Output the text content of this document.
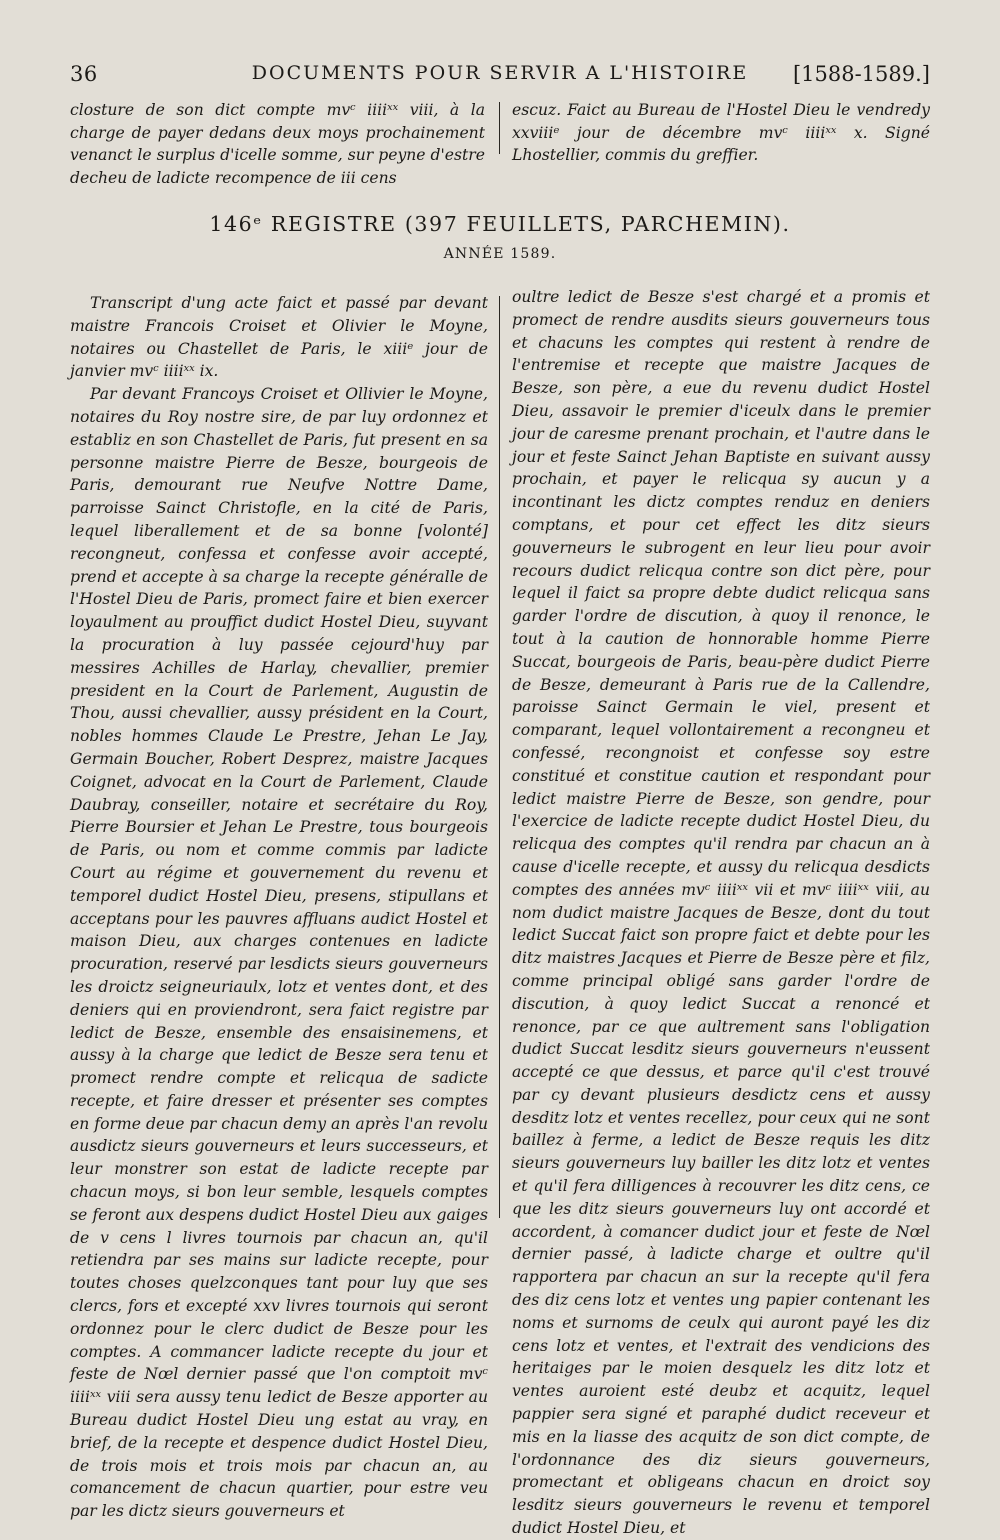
36	DOCUMENTS POUR SERVIR A L'HISTOIRE	[1588-1589.]

closture de son dict compte mvᶜ iiiiˣˣ viii, à la charge de payer dedans deux moys prochainement venanct le surplus d'icelle somme, sur peyne d'estre decheu de ladicte recompence de iii cens

escuz. Faict au Bureau de l'Hostel Dieu le vendredy xxviiiᵉ jour de décembre mvᶜ iiiiˣˣ x. Signé Lhostellier, commis du greffier.

146ᵉ REGISTRE (397 FEUILLETS, PARCHEMIN).
ANNÉE 1589.

Transcript d'ung acte faict et passé par devant maistre Francois Croiset et Olivier le Moyne, notaires ou Chastellet de Paris, le xiiiᵉ jour de janvier mvᶜ iiiiˣˣ ix.

Par devant Francoys Croiset et Ollivier le Moyne, notaires du Roy nostre sire, de par luy ordonnez et establiz en son Chastellet de Paris, fut present en sa personne maistre Pierre de Besze, bourgeois de Paris, demourant rue Neufve Nottre Dame, parroisse Sainct Christofle, en la cité de Paris, lequel liberallement et de sa bonne [volonté] recongneut, confessa et confesse avoir accepté, prend et accepte à sa charge la recepte génér​alle de l'Hostel Dieu de Paris, promect faire et bien exercer loyaulment au prouffict dudict Hostel Dieu, suyvant la procuration à luy passée cejourd'huy par messires Achilles de Harlay, chevallier, premier president en la Court de Parlement, Augustin de Thou, aussi chevallier, aussy président en la Court, nobles hommes Claude Le Prestre, Jehan Le Jay, Germain Boucher, Robert Desprez, maistre Jacques Coignet, advocat en la Court de Parlement, Claude Daubray, conseiller, notaire et secrétaire du Roy, Pierre Boursier et Jehan Le Prestre, tous bourgeois de Paris, ou nom et comme commis par ladicte Court au régime et gouvernement du revenu et temporel dudict Hostel Dieu, presens, stipullans et acceptans pour les pauvres affluans audict Hostel et maison Dieu, aux charges contenues en ladicte procuration, reservé par lesdicts sieurs gouverneurs les droictz seigneuriaulx, lotz et ventes dont, et des deniers qui en proviendront, sera faict registre par ledict de Besze, ensemble des ensaisinemens, et aussy à la charge que ledict de Besze sera tenu et promect rendre compte et relicqua de sadicte recepte, et faire dresser et présenter ses comptes en forme deue par chacun demy an après l'an revolu ausdictz sieurs gouverneurs et leurs successeurs, et leur monstrer son estat de ladicte recepte par chacun moys, si bon leur semble, lesquels comptes se feront aux despens dudict Hostel Dieu aux gaiges de v cens l livres tournois par chacun an, qu'il retiendra par ses mains sur ladicte recepte, pour toutes choses quelzconques tant pour luy que ses clercs, fors et excepté xxv livres tournois qui seront ordonnez pour le clerc dudict de Besze pour les comptes. A commancer ladicte recepte du jour et feste de Nœl dernier passé que l'on comptoit mvᶜ iiiiˣˣ viii sera aussy tenu ledict de Besze apporter au Bureau dudict Hostel Dieu ung estat au vray, en brief, de la recepte et despence dudict Hostel Dieu, de trois mois et trois mois par chacun an, au comancement de chacun quartier, pour estre veu par les dictz sieurs gouverneurs et

oultre ledict de Besze s'est chargé et a promis et promect de rendre ausdits sieurs gouverneurs tous et chacuns les comptes qui restent à rendre de l'entremise et recepte que maistre Jacques de Besze, son père, a eue du revenu dudict Hostel Dieu, assavoir le premier d'iceulx dans le premier jour de caresme prenant prochain, et l'autre dans le jour et feste Sainct Jehan Baptiste en suivant aussy prochain, et payer le relicqua sy aucun y a incontinant les dictz comptes renduz en deniers comptans, et pour cet effect les ditz sieurs gouverneurs le subrogent en leur lieu pour avoir recours dudict relicqua contre son dict père, pour lequel il faict sa propre debte dudict relicqua sans garder l'ordre de discution, à quoy il renonce, le tout à la caution de honnorable homme Pierre Succat, bourgeois de Paris, beau-père dudict Pierre de Besze, demeurant à Paris rue de la Callendre, paroisse Sainct Germain le viel, present et comparant, lequel vollontairement a recongneu et confessé, recongnoist et confesse soy estre constitué et constitue caution et respondant pour ledict maistre Pierre de Besze, son gendre, pour l'exercice de ladicte recepte dudict Hostel Dieu, du relicqua des comptes qu'il rendra par chacun an à cause d'icelle recepte, et aussy du relicqua desdicts comptes des années mvᶜ iiiiˣˣ vii et mvᶜ iiiiˣˣ viii, au nom dudict maistre Jacques de Besze, dont du tout ledict Succat faict son propre faict et debte pour les ditz maistres Jacques et Pierre de Besze père et filz, comme principal obligé sans garder l'ordre de discution, à quoy ledict Succat a renoncé et renonce, par ce que aultrement sans l'obligation dudict Succat lesditz sieurs gouverneurs n'eussent accepté ce que dessus, et parce qu'il c'est trouvé par cy devant plusieurs desdictz cens et aussy desditz lotz et ventes recellez, pour ceux qui ne sont baillez à ferme, a ledict de Besze requis les ditz sieurs gouverneurs luy bailler les ditz lotz et ventes et qu'il fera dilligences à recouvrer les ditz cens, ce que les ditz sieurs gouverneurs luy ont accordé et accordent, à comancer dudict jour et feste de Nœl dernier passé, à ladicte charge et oultre qu'il rapportera par chacun an sur la recepte qu'il fera des diz cens lotz et ventes ung papier contenant les noms et surnoms de ceulx qui auront payé les diz cens lotz et ventes, et l'extrait des vendicions des heritaiges par le moien desquelz les ditz lotz et ventes auroient esté deubz et acquitz, lequel pappier sera signé et paraphé dudict receveur et mis en la liasse des acquitz de son dict compte, de l'ordonnance des diz sieurs gouverneurs, promectant et obligeans chacun en droict soy lesditz sieurs gouverneurs le revenu et temporel dudict Hostel Dieu, et
